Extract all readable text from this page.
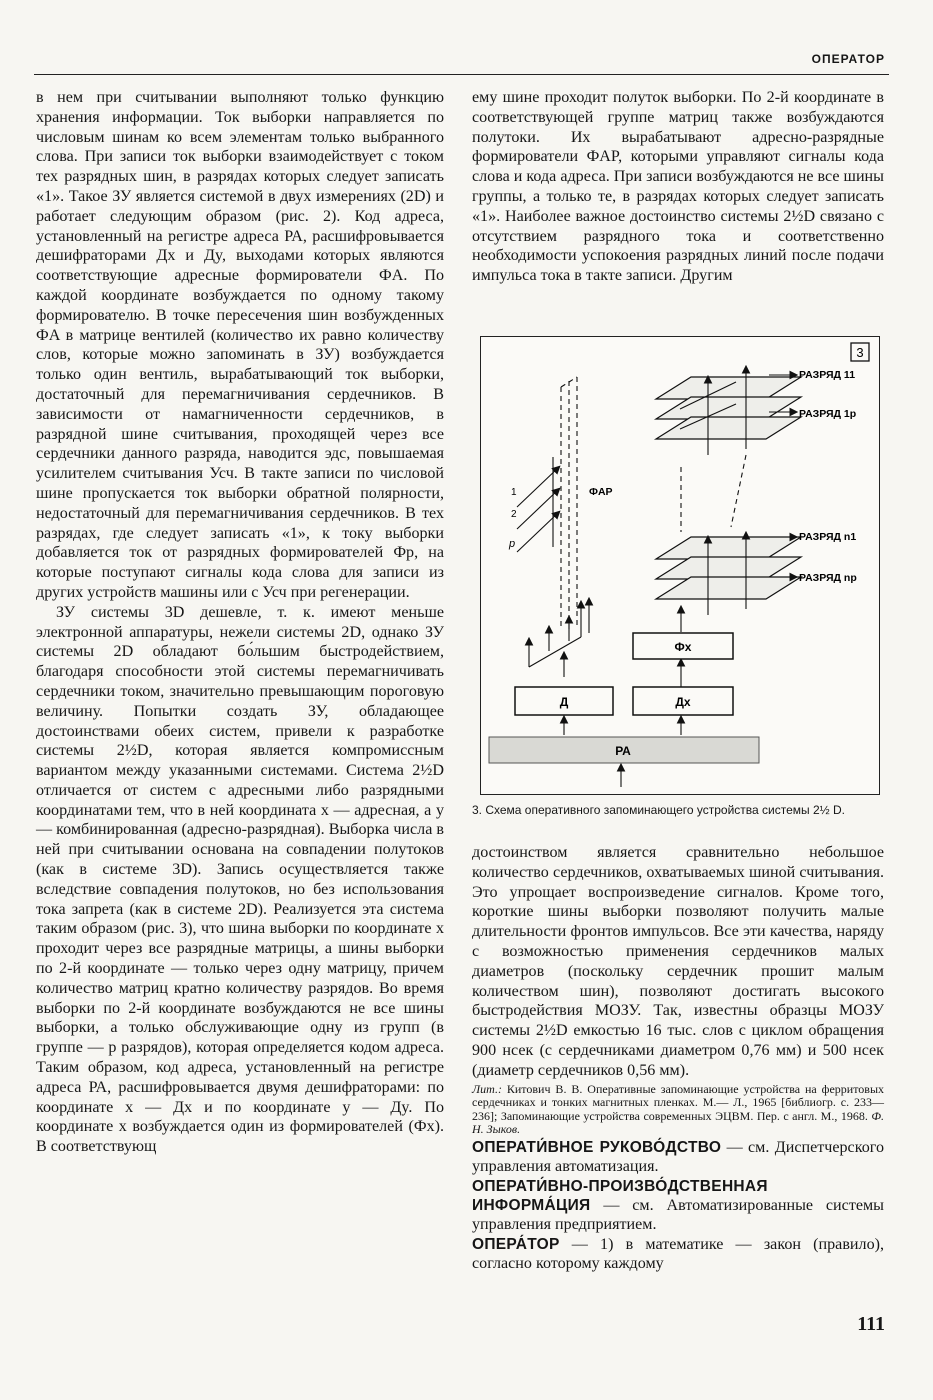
ОПЕРАТОР

в нем при считывании выполняют только функцию хранения информации. Ток выборки направляется по числовым шинам ко всем элементам только выбранного слова. При записи ток выборки взаимодействует с током тех разрядных шин, в разрядах которых следует записать «1». Такое ЗУ является системой в двух измерениях (2D) и работает следующим образом (рис. 2). Код адреса, установленный на регистре адреса РА, расшифровывается дешифраторами Дx и Дy, выходами которых являются соответствующие адресные формирователи ФA. По каждой координате возбуждается по одному такому формирователю. В точке пересечения шин возбужденных ФA в матрице вентилей (количество их равно количеству слов, которые можно запоминать в ЗУ) возбуждается только один вентиль, вырабатывающий ток выборки, достаточный для перемагничивания сердечников. В зависимости от намагниченности сердечников, в разрядной шине считывания, проходящей через все сердечники данного разряда, наводится эдс, повышаемая усилителем считывания Усч. В такте записи по числовой шине пропускается ток выборки обратной полярности, недостаточный для перемагничивания сердечников. В тех разрядах, где следует записать «1», к току выборки добавляется ток от разрядных формирователей Фр, на которые поступают сигналы кода слова для записи из других устройств машины или с Усч при регенерации.

ЗУ системы 3D дешевле, т. к. имеют меньше электронной аппаратуры, нежели системы 2D, однако ЗУ системы 2D обладают бо́льшим быстродействием, благодаря способности этой системы перемагничивать сердечники током, значительно превышающим пороговую величину. Попытки создать ЗУ, обладающее достоинствами обеих систем, привели к разработке системы 2½D, которая является компромиссным вариантом между указанными системами. Система 2½D отличается от систем с адресными либо разрядными координатами тем, что в ней координата x — адресная, а y — комбинированная (адресно-разрядная). Выборка числа в ней при считывании основана на совпадении полутоков (как в системе 3D). Запись осуществляется также вследствие совпадения полутоков, но без использования тока запрета (как в системе 2D). Реализуется эта система таким образом (рис. 3), что шина выборки по координате x проходит через все разрядные матрицы, а шины выборки по 2-й координате — только через одну матрицу, причем количество матриц кратно количеству разрядов. Во время выборки по 2-й координате возбуждаются не все шины выборки, а только обслуживающие одну из групп (в группе — p разрядов), которая определяется кодом адреса. Таким образом, код адреса, установленный на регистре адреса РА, расшифровывается двумя дешифраторами: по координате x — Дx и по координате y — Дy. По координате x возбуждается один из формирователей (Фx). В соответствующ

ему шине проходит полуток выборки. По 2-й координате в соответствующей группе матриц также возбуждаются полутоки. Их вырабатывают адресно-разрядные формирователи ФAP, которыми управляют сигналы кода слова и кода адреса. При записи возбуждаются не все шины группы, а только те, в разрядах которых следует записать «1». Наиболее важное достоинство системы 2½D связано с отсутствием разрядного тока и соответственно необходимости успокоения разрядных линий после подачи импульса тока в такте записи. Другим

3
РАЗРЯД 11
РАЗРЯД 1p
РАЗРЯД n1
РАЗРЯД np
1
2
p
ФAP
Фx
Д	Дx
РА
3. Схема оперативного запоминающего устройства системы 2½ D.

достоинством является сравнительно небольшое количество сердечников, охватываемых шиной считывания. Это упрощает воспроизведение сигналов. Кроме того, короткие шины выборки позволяют получить малые длительности фронтов импульсов. Все эти качества, наряду с возможностью применения сердечников малых диаметров (поскольку сердечник прошит малым количеством шин), позволяют достигать высокого быстродействия МОЗУ. Так, известны образцы МОЗУ системы 2½D емкостью 16 тыс. слов с циклом обращения 900 нсек (с сердечниками диаметром 0,76 мм) и 500 нсек (диаметр сердечников 0,56 мм).

Лит.: Китович В. В. Оперативные запоминающие устройства на ферритовых сердечниках и тонких магнитных пленках. М.— Л., 1965 [библиогр. с. 233—236]; Запоминающие устройства современных ЭЦВМ. Пер. с англ. М., 1968. Ф. Н. Зыков.

ОПЕРАТИ́ВНОЕ РУКОВО́ДСТВО — см. Диспетчерского управления автоматизация.

ОПЕРАТИ́ВНО-ПРОИЗВО́ДСТВЕННАЯ ИНФОРМА́ЦИЯ — см. Автоматизированные системы управления предприятием.

ОПЕРА́ТОР — 1) в математике — закон (правило), согласно которому каждому

111
